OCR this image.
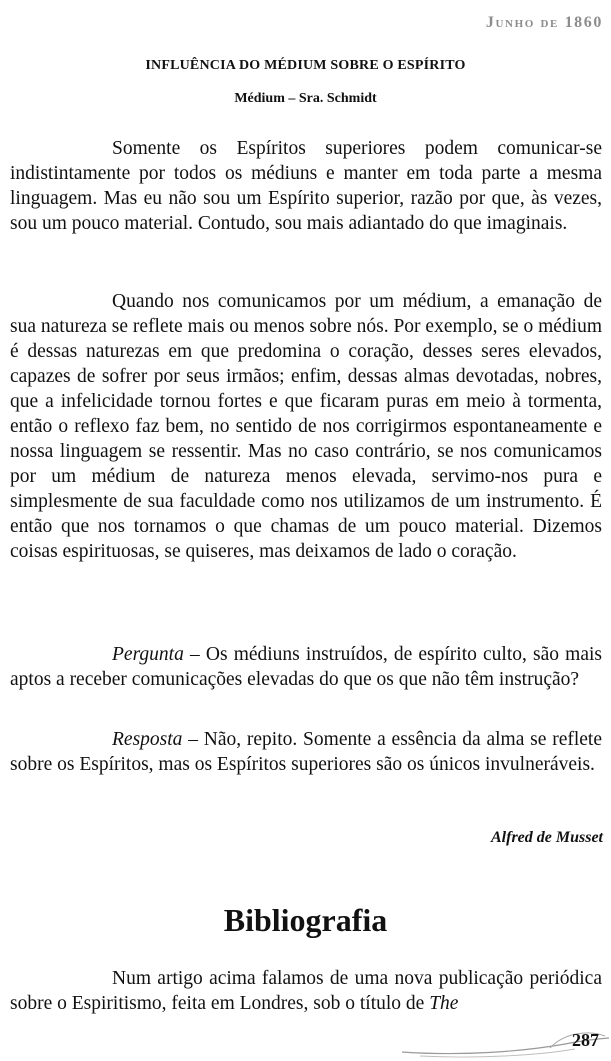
Junho de 1860
INFLUÊNCIA DO MÉDIUM SOBRE O ESPÍRITO
Médium – Sra. Schmidt

Somente os Espíritos superiores podem comunicar-se indistintamente por todos os médiuns e manter em toda parte a mesma linguagem. Mas eu não sou um Espírito superior, razão por que, às vezes, sou um pouco material. Contudo, sou mais adiantado do que imaginais.

Quando nos comunicamos por um médium, a emanação de sua natureza se reflete mais ou menos sobre nós. Por exemplo, se o médium é dessas naturezas em que predomina o coração, desses seres elevados, capazes de sofrer por seus irmãos; enfim, dessas almas devotadas, nobres, que a infelicidade tornou fortes e que ficaram puras em meio à tormenta, então o reflexo faz bem, no sentido de nos corrigirmos espontaneamente e nossa linguagem se ressentir. Mas no caso contrário, se nos comunicamos por um médium de natureza menos elevada, servimo-nos pura e simplesmente de sua faculdade como nos utilizamos de um instrumento. É então que nos tornamos o que chamas de um pouco material. Dizemos coisas espirituosas, se quiseres, mas deixamos de lado o coração.

Pergunta – Os médiuns instruídos, de espírito culto, são mais aptos a receber comunicações elevadas do que os que não têm instrução?

Resposta – Não, repito. Somente a essência da alma se reflete sobre os Espíritos, mas os Espíritos superiores são os únicos invulneráveis.

Alfred de Musset
Bibliografia

Num artigo acima falamos de uma nova publicação periódica sobre o Espiritismo, feita em Londres, sob o título de The

287
